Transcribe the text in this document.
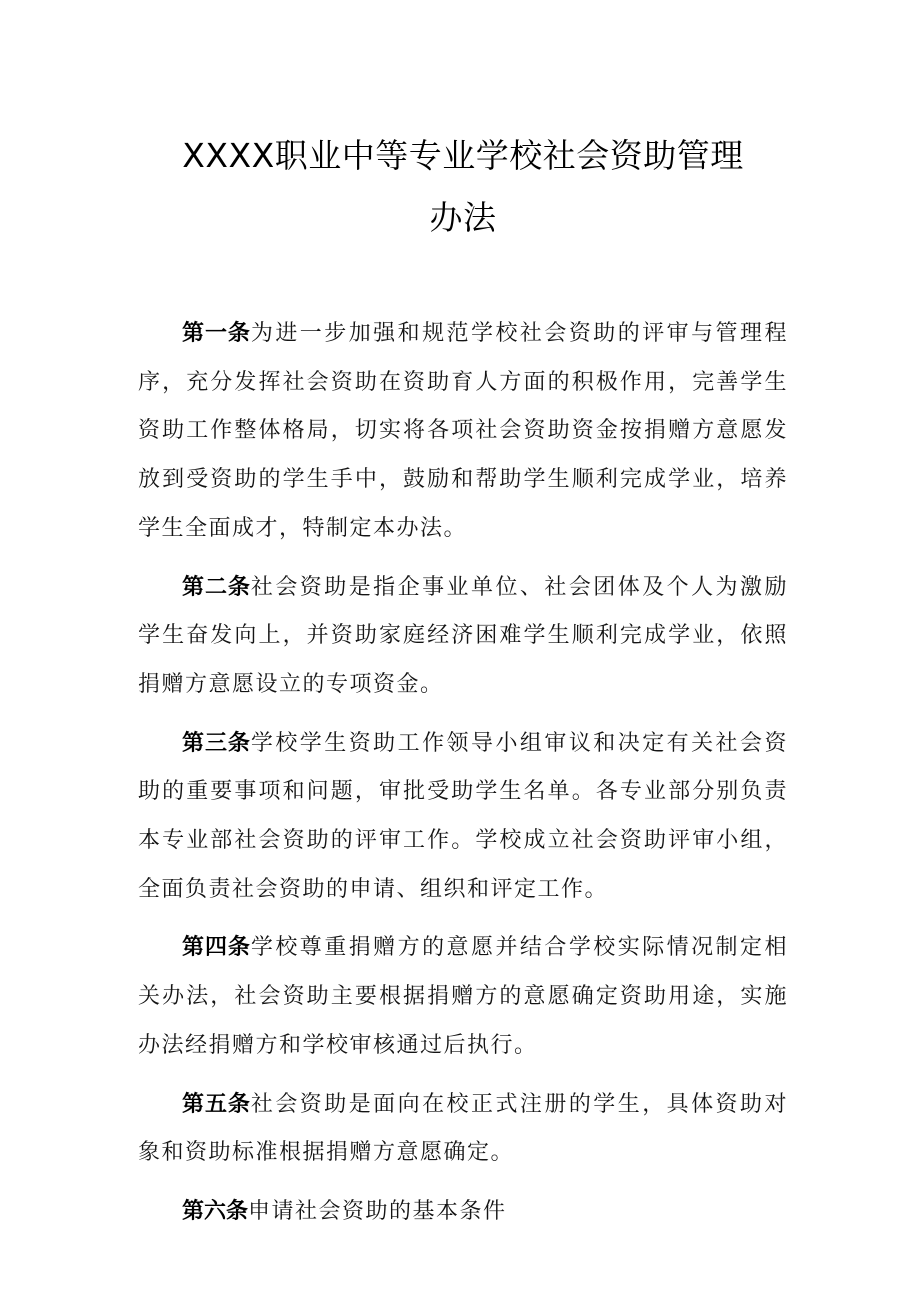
XXXX职业中等专业学校社会资助管理
办法

第一条为进一步加强和规范学校社会资助的评审与管理程序，充分发挥社会资助在资助育人方面的积极作用，完善学生资助工作整体格局，切实将各项社会资助资金按捐赠方意愿发放到受资助的学生手中，鼓励和帮助学生顺利完成学业，培养学生全面成才，特制定本办法。

第二条社会资助是指企事业单位、社会团体及个人为激励学生奋发向上，并资助家庭经济困难学生顺利完成学业，依照捐赠方意愿设立的专项资金。

第三条学校学生资助工作领导小组审议和决定有关社会资助的重要事项和问题，审批受助学生名单。各专业部分别负责本专业部社会资助的评审工作。学校成立社会资助评审小组，全面负责社会资助的申请、组织和评定工作。

第四条学校尊重捐赠方的意愿并结合学校实际情况制定相关办法，社会资助主要根据捐赠方的意愿确定资助用途，实施办法经捐赠方和学校审核通过后执行。

第五条社会资助是面向在校正式注册的学生，具体资助对象和资助标准根据捐赠方意愿确定。

第六条申请社会资助的基本条件
